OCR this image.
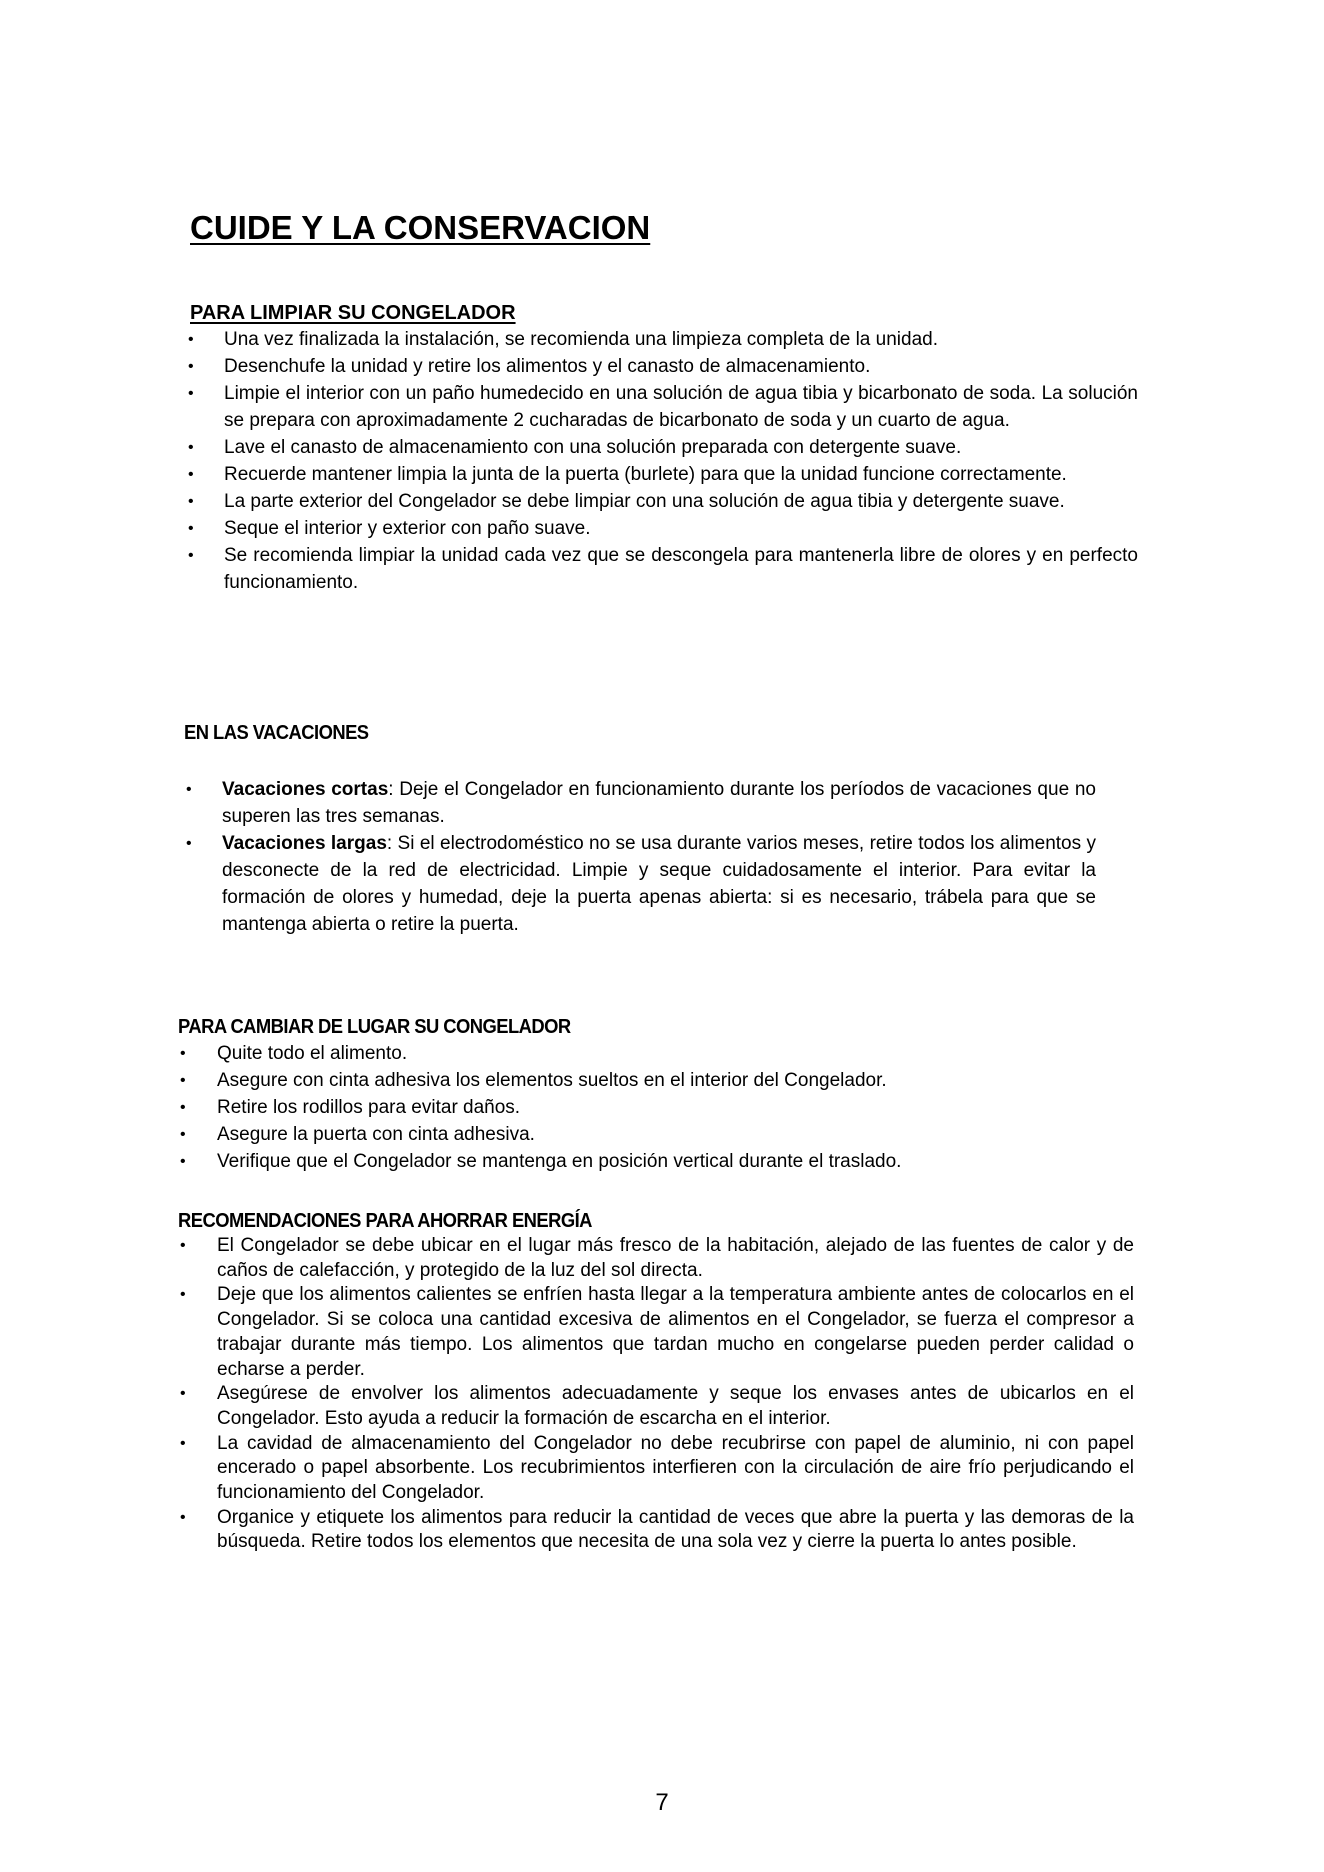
CUIDE Y LA CONSERVACION
PARA LIMPIAR SU CONGELADOR
• Una vez finalizada la instalación, se recomienda una limpieza completa de la unidad.
• Desenchufe la unidad y retire los alimentos y el canasto de almacenamiento.
• Limpie el interior con un paño humedecido en una solución de agua tibia y bicarbonato de soda. La solución se prepara con aproximadamente 2 cucharadas de bicarbonato de soda y un cuarto de agua.
• Lave el canasto de almacenamiento con una solución preparada con detergente suave.
• Recuerde mantener limpia la junta de la puerta (burlete) para que la unidad funcione correctamente.
• La parte exterior del Congelador se debe limpiar con una solución de agua tibia y detergente suave.
• Seque el interior y exterior con paño suave.
• Se recomienda limpiar la unidad cada vez que se descongela para mantenerla libre de olores y en perfecto funcionamiento.
EN LAS VACACIONES
• Vacaciones cortas: Deje el Congelador en funcionamiento durante los períodos de vacaciones que no superen las tres semanas.
• Vacaciones largas: Si el electrodoméstico no se usa durante varios meses, retire todos los alimentos y desconecte de la red de electricidad. Limpie y seque cuidadosamente el interior. Para evitar la formación de olores y humedad, deje la puerta apenas abierta: si es necesario, trábela para que se mantenga abierta o retire la puerta.
PARA CAMBIAR DE LUGAR SU CONGELADOR
• Quite todo el alimento.
• Asegure con cinta adhesiva los elementos sueltos en el interior del Congelador.
• Retire los rodillos para evitar daños.
• Asegure la puerta con cinta adhesiva.
• Verifique que el Congelador se mantenga en posición vertical durante el traslado.
RECOMENDACIONES PARA AHORRAR ENERGÍA
• El Congelador se debe ubicar en el lugar más fresco de la habitación, alejado de las fuentes de calor y de caños de calefacción, y protegido de la luz del sol directa.
• Deje que los alimentos calientes se enfríen hasta llegar a la temperatura ambiente antes de colocarlos en el Congelador. Si se coloca una cantidad excesiva de alimentos en el Congelador, se fuerza el compresor a trabajar durante más tiempo. Los alimentos que tardan mucho en congelarse pueden perder calidad o echarse a perder.
• Asegúrese de envolver los alimentos adecuadamente y seque los envases antes de ubicarlos en el Congelador. Esto ayuda a reducir la formación de escarcha en el interior.
• La cavidad de almacenamiento del Congelador no debe recubrirse con papel de aluminio, ni con papel encerado o papel absorbente. Los recubrimientos interfieren con la circulación de aire frío perjudicando el funcionamiento del Congelador.
• Organice y etiquete los alimentos para reducir la cantidad de veces que abre la puerta y las demoras de la búsqueda. Retire todos los elementos que necesita de una sola vez y cierre la puerta lo antes posible.
7
